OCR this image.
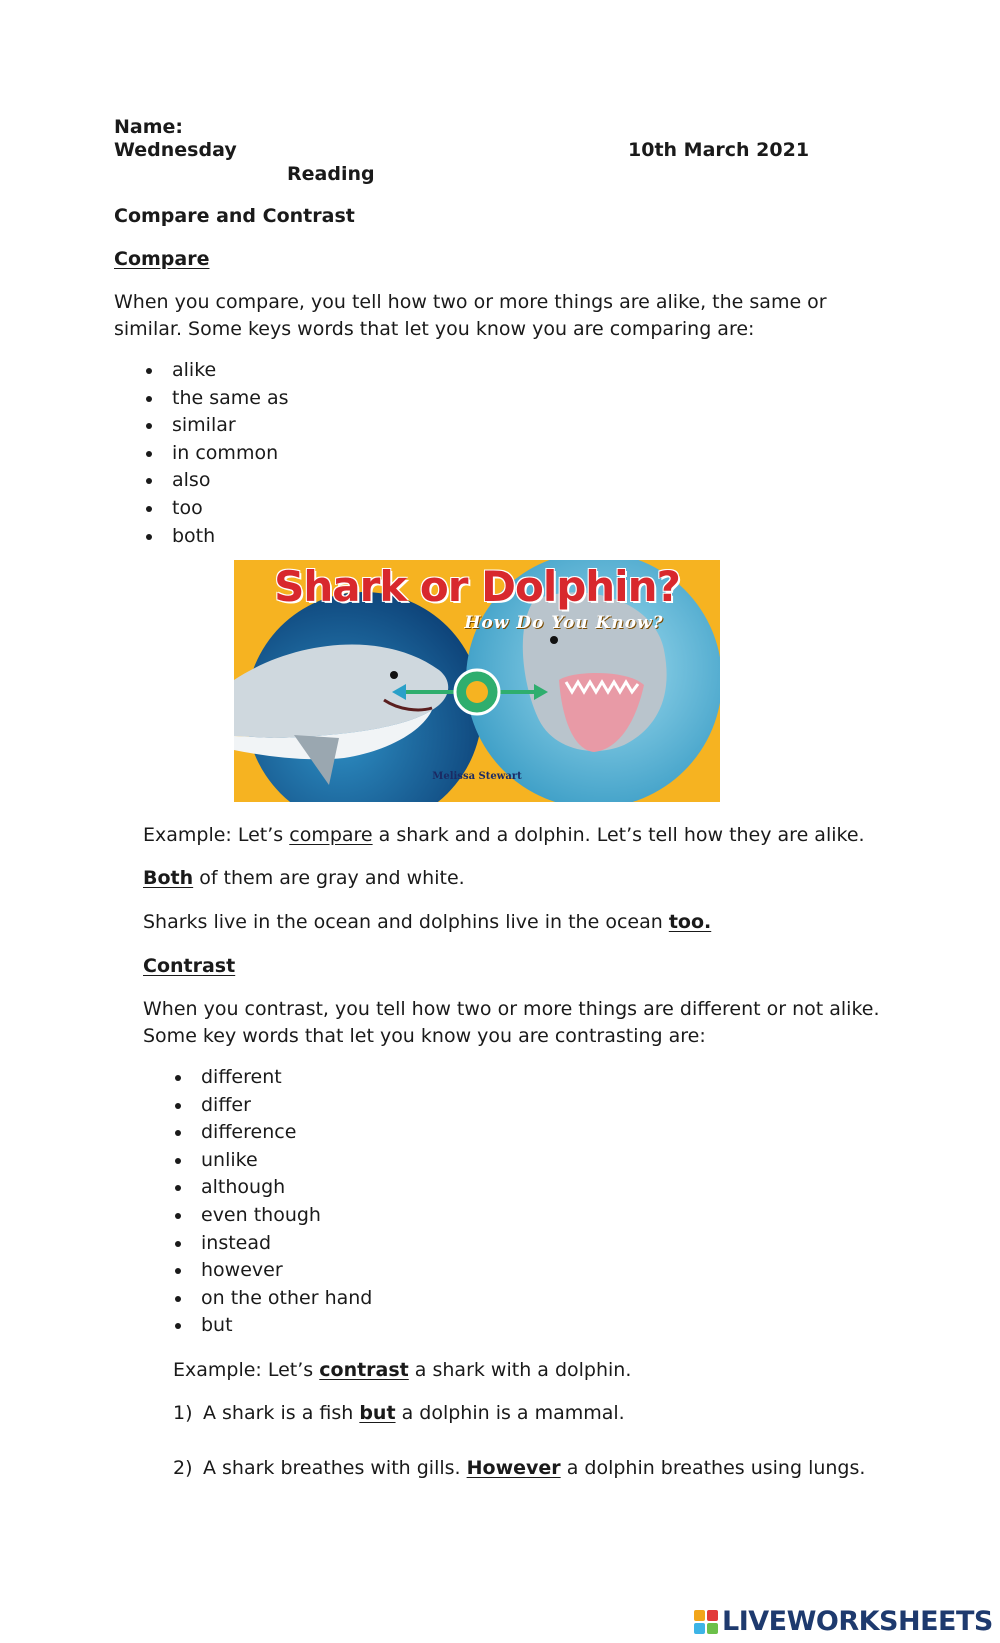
Name:

Wednesday	10th March 2021

Reading

Compare and Contrast

Compare

When you compare, you tell how two or more things are alike, the same or

similar. Some keys words that let you know you are comparing are:

alike
the same as
similar
in common
also
too
both
Shark or Dolphin?
How Do You Know?
Melissa Stewart

Example: Let’s compare a shark and a dolphin. Let’s tell how they are alike.

Both of them are gray and white.

Sharks live in the ocean and dolphins live in the ocean too.

Contrast

When you contrast, you tell how two or more things are different or not alike.

Some key words that let you know you are contrasting are:

different
differ
difference
unlike
although
even though
instead
however
on the other hand
but

Example: Let’s contrast a shark with a dolphin.

1) A shark is a fish but a dolphin is a mammal.
2) A shark breathes with gills. However a dolphin breathes using lungs.
LIVEWORKSHEETS
